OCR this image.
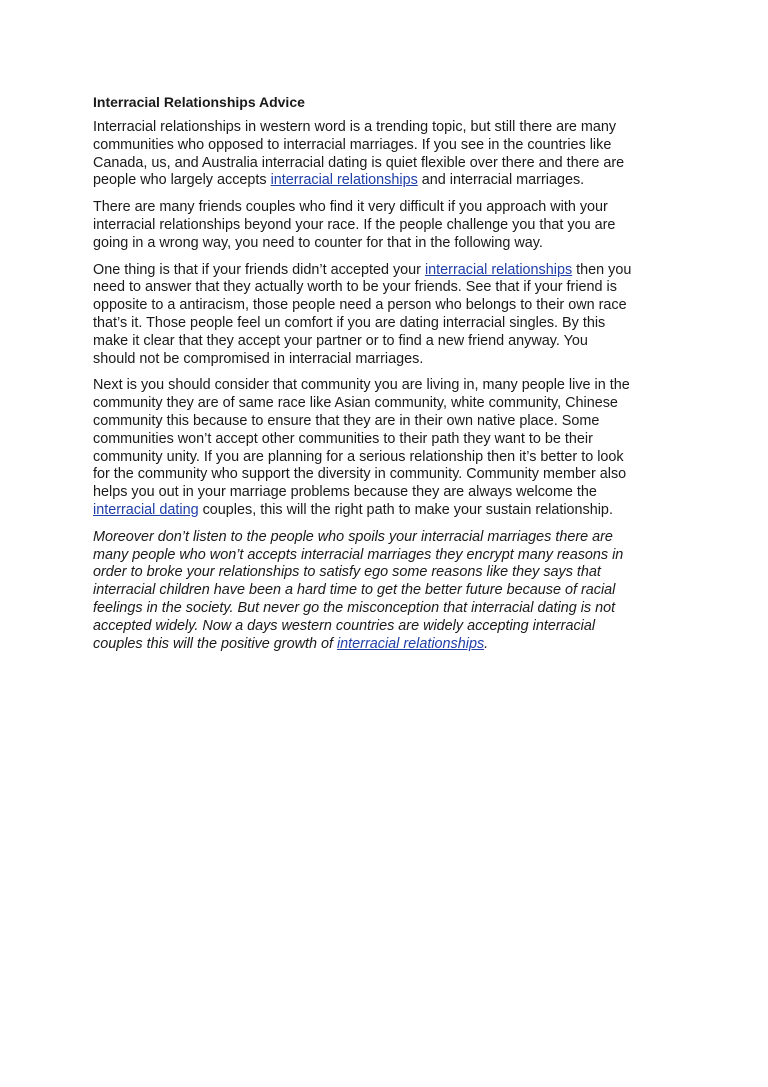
Interracial Relationships Advice

Interracial relationships in western word is a trending topic, but still there are many
communities who opposed to interracial marriages. If you see in the countries like
Canada, us, and Australia interracial dating is quiet flexible over there and there are
people who largely accepts interracial relationships and interracial marriages.

There are many friends couples who find it very difficult if you approach with your
interracial relationships beyond your race. If the people challenge you that you are
going in a wrong way, you need to counter for that in the following way.

One thing is that if your friends didn’t accepted your interracial relationships then you
need to answer that they actually worth to be your friends. See that if your friend is
opposite to a antiracism, those people need a person who belongs to their own race
that’s it. Those people feel un comfort if you are dating interracial singles. By this
make it clear that they accept your partner or to find a new friend anyway. You
should not be compromised in interracial marriages.

Next is you should consider that community you are living in, many people live in the
community they are of same race like Asian community, white community, Chinese
community this because to ensure that they are in their own native place. Some
communities won’t accept other communities to their path they want to be their
community unity. If you are planning for a serious relationship then it’s better to look
for the community who support the diversity in community. Community member also
helps you out in your marriage problems because they are always welcome the
interracial dating couples, this will the right path to make your sustain relationship.

Moreover don’t listen to the people who spoils your interracial marriages there are
many people who won’t accepts interracial marriages they encrypt many reasons in
order to broke your relationships to satisfy ego some reasons like they says that
interracial children have been a hard time to get the better future because of racial
feelings in the society. But never go the misconception that interracial dating is not
accepted widely. Now a days western countries are widely accepting interracial
couples this will the positive growth of interracial relationships.
